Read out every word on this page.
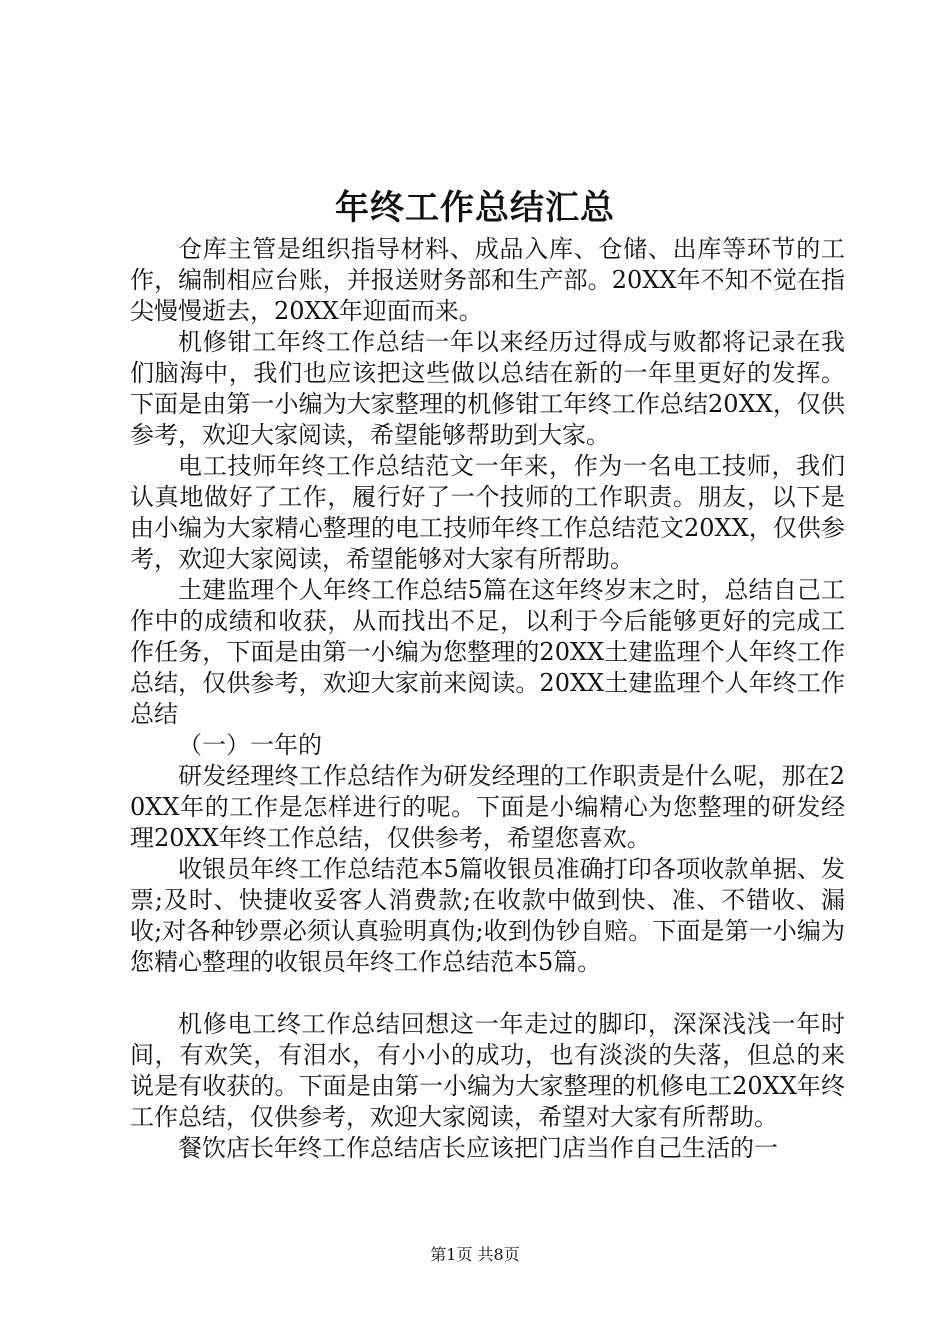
年终工作总结汇总

仓库主管是组织指导材料、成品入库、仓储、出库等环节的工作，编制相应台账，并报送财务部和生产部。20XX年不知不觉在指尖慢慢逝去，20XX年迎面而来。

机修钳工年终工作总结一年以来经历过得成与败都将记录在我们脑海中，我们也应该把这些做以总结在新的一年里更好的发挥。下面是由第一小编为大家整理的机修钳工年终工作总结20XX，仅供参考，欢迎大家阅读，希望能够帮助到大家。

电工技师年终工作总结范文一年来，作为一名电工技师，我们认真地做好了工作，履行好了一个技师的工作职责。朋友，以下是由小编为大家精心整理的电工技师年终工作总结范文20XX，仅供参考，欢迎大家阅读，希望能够对大家有所帮助。

土建监理个人年终工作总结5篇在这年终岁末之时，总结自己工作中的成绩和收获，从而找出不足，以利于今后能够更好的完成工作任务，下面是由第一小编为您整理的20XX土建监理个人年终工作总结，仅供参考，欢迎大家前来阅读。20XX土建监理个人年终工作总结

（一）一年的

研发经理终工作总结作为研发经理的工作职责是什么呢，那在20XX年的工作是怎样进行的呢。下面是小编精心为您整理的研发经理20XX年终工作总结，仅供参考，希望您喜欢。

收银员年终工作总结范本5篇收银员准确打印各项收款单据、发票;及时、快捷收妥客人消费款;在收款中做到快、准、不错收、漏收;对各种钞票必须认真验明真伪;收到伪钞自赔。下面是第一小编为您精心整理的收银员年终工作总结范本5篇。

机修电工终工作总结回想这一年走过的脚印，深深浅浅一年时间，有欢笑，有泪水，有小小的成功，也有淡淡的失落，但总的来说是有收获的。下面是由第一小编为大家整理的机修电工20XX年终工作总结，仅供参考，欢迎大家阅读，希望对大家有所帮助。

餐饮店长年终工作总结店长应该把门店当作自己生活的一

第1页 共8页
